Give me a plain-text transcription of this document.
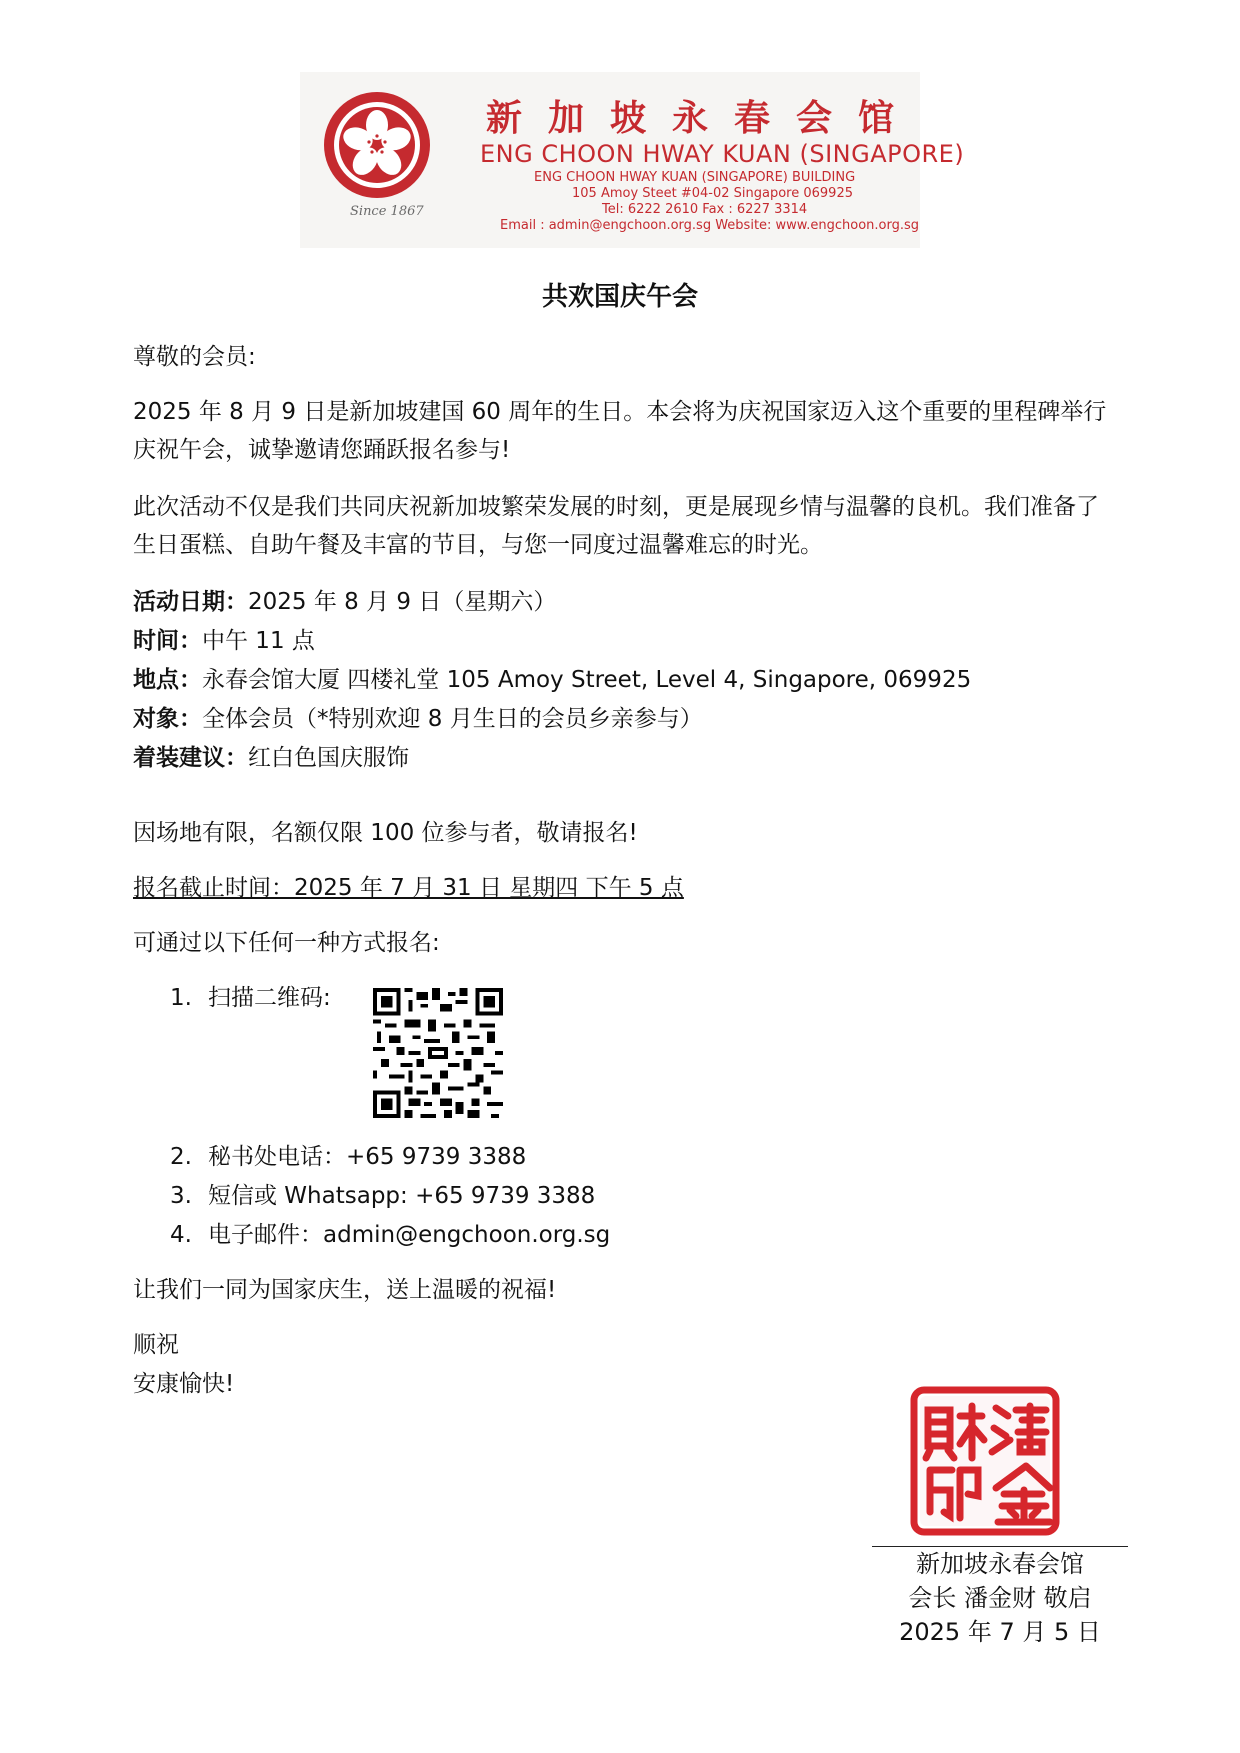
Since 1867
新加坡永春会馆
ENG CHOON HWAY KUAN (SINGAPORE)
ENG CHOON HWAY KUAN (SINGAPORE) BUILDING
105 Amoy Steet #04-02 Singapore 069925
Tel: 6222 2610 Fax : 6227 3314
Email : admin@engchoon.org.sg Website: www.engchoon.org.sg
共欢国庆午会
尊敬的会员:
2025 年 8 月 9 日是新加坡建国 60 周年的生日。本会将为庆祝国家迈入这个重要的里程碑举行庆祝午会，诚挚邀请您踊跃报名参与!
此次活动不仅是我们共同庆祝新加坡繁荣发展的时刻，更是展现乡情与温馨的良机。我们准备了生日蛋糕、自助午餐及丰富的节目，与您一同度过温馨难忘的时光。
活动日期：2025 年 8 月 9 日（星期六）
时间：中午 11 点
地点：永春会馆大厦 四楼礼堂 105 Amoy Street, Level 4, Singapore, 069925
对象：全体会员（*特别欢迎 8 月生日的会员乡亲参与）
着装建议：红白色国庆服饰
因场地有限，名额仅限 100 位参与者，敬请报名!
报名截止时间：2025 年 7 月 31 日 星期四 下午 5 点
可通过以下任何一种方式报名:
1. 扫描二维码:
2. 秘书处电话：+65 9739 3388
3. 短信或 Whatsapp: +65 9739 3388
4. 电子邮件：admin@engchoon.org.sg
让我们一同为国家庆生，送上温暖的祝福!
顺祝
安康愉快!
新加坡永春会馆
会长 潘金财 敬启
2025 年 7 月 5 日
